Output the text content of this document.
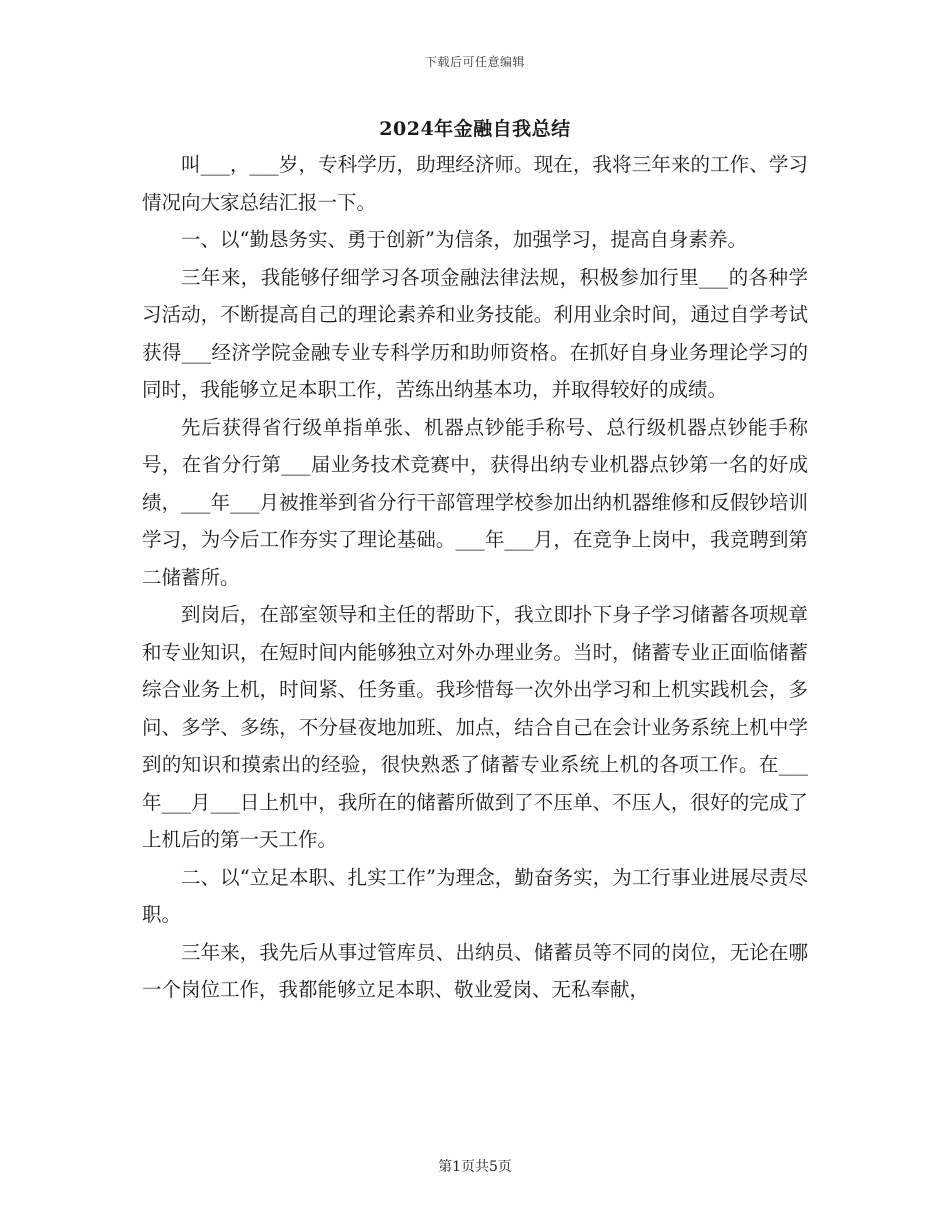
下载后可任意编辑
2024年金融自我总结

叫___，___岁，专科学历，助理经济师。现在，我将三年来的工作、学习情况向大家总结汇报一下。

一、以“勤恳务实、勇于创新”为信条，加强学习，提高自身素养。

三年来，我能够仔细学习各项金融法律法规，积极参加行里___的各种学习活动，不断提高自己的理论素养和业务技能。利用业余时间，通过自学考试获得___经济学院金融专业专科学历和助师资格。在抓好自身业务理论学习的同时，我能够立足本职工作，苦练出纳基本功，并取得较好的成绩。

先后获得省行级单指单张、机器点钞能手称号、总行级机器点钞能手称号，在省分行第___届业务技术竞赛中，获得出纳专业机器点钞第一名的好成绩，___年___月被推举到省分行干部管理学校参加出纳机器维修和反假钞培训学习，为今后工作夯实了理论基础。___年___月，在竞争上岗中，我竞聘到第二储蓄所。

到岗后，在部室领导和主任的帮助下，我立即扑下身子学习储蓄各项规章和专业知识，在短时间内能够独立对外办理业务。当时，储蓄专业正面临储蓄综合业务上机，时间紧、任务重。我珍惜每一次外出学习和上机实践机会，多问、多学、多练，不分昼夜地加班、加点，结合自己在会计业务系统上机中学到的知识和摸索出的经验，很快熟悉了储蓄专业系统上机的各项工作。在___年___月___日上机中，我所在的储蓄所做到了不压单、不压人，很好的完成了上机后的第一天工作。

二、以“立足本职、扎实工作”为理念，勤奋务实，为工行事业进展尽责尽职。

三年来，我先后从事过管库员、出纳员、储蓄员等不同的岗位，无论在哪一个岗位工作，我都能够立足本职、敬业爱岗、无私奉献，

第1页共5页
